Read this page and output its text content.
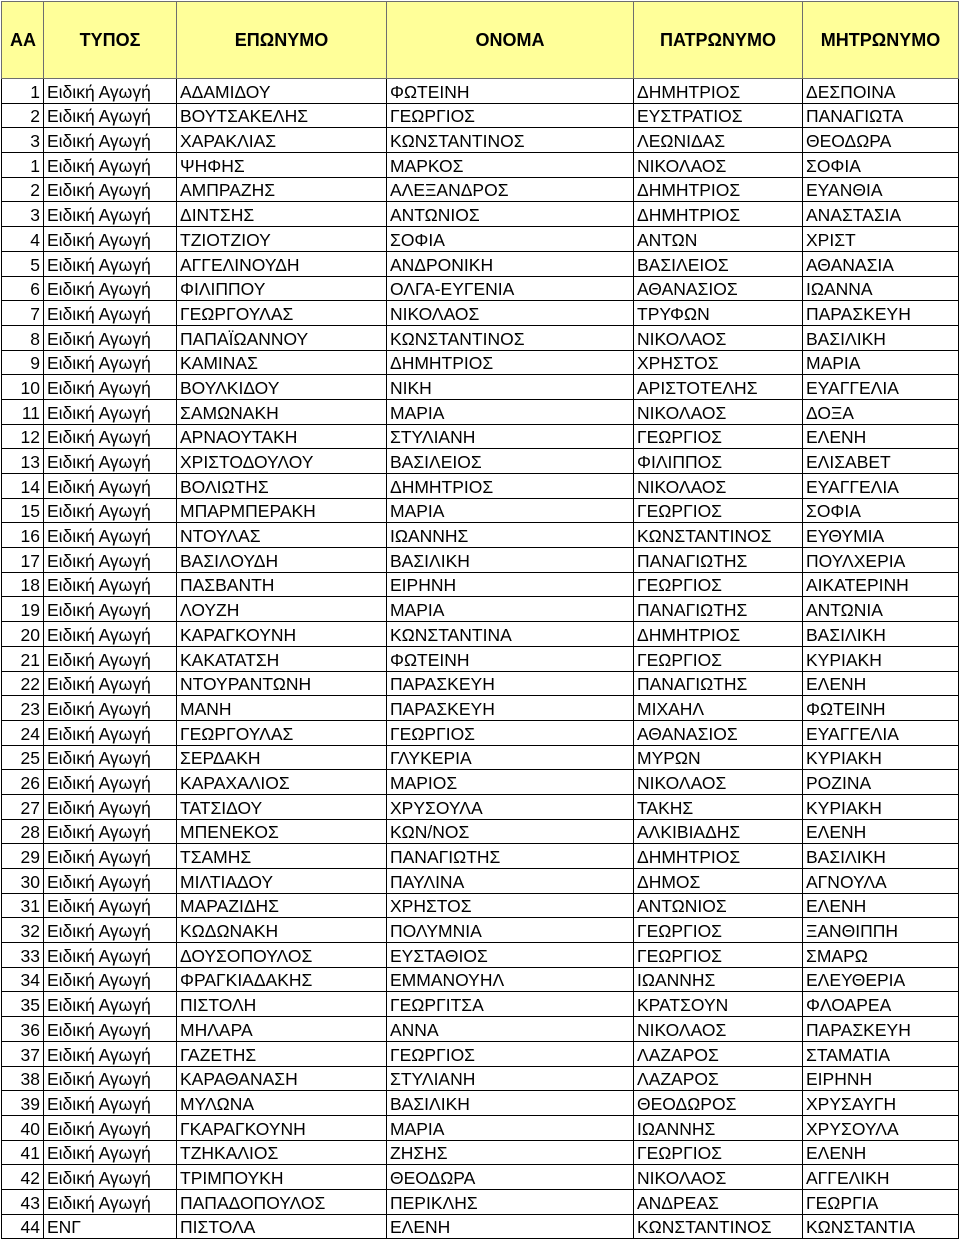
ΑΑ	ΤΥΠΟΣ	ΕΠΩΝΥΜΟ	ΟΝΟΜΑ	ΠΑΤΡΩΝΥΜΟ	ΜΗΤΡΩΝΥΜΟ
1	Ειδική Αγωγή	ΑΔΑΜΙΔΟΥ	ΦΩΤΕΙΝΗ	ΔΗΜΗΤΡΙΟΣ	ΔΕΣΠΟΙΝΑ
2	Ειδική Αγωγή	ΒΟΥΤΣΑΚΕΛΗΣ	ΓΕΩΡΓΙΟΣ	ΕΥΣΤΡΑΤΙΟΣ	ΠΑΝΑΓΙΩΤΑ
3	Ειδική Αγωγή	ΧΑΡΑΚΛΙΑΣ	ΚΩΝΣΤΑΝΤΙΝΟΣ	ΛΕΩΝΙΔΑΣ	ΘΕΟΔΩΡΑ
1	Ειδική Αγωγή	ΨΗΦΗΣ	ΜΑΡΚΟΣ	ΝΙΚΟΛΑΟΣ	ΣΟΦΙΑ
2	Ειδική Αγωγή	ΑΜΠΡΑΖΗΣ	ΑΛΕΞΑΝΔΡΟΣ	ΔΗΜΗΤΡΙΟΣ	ΕΥΑΝΘΙΑ
3	Ειδική Αγωγή	ΔΙΝΤΣΗΣ	ΑΝΤΩΝΙΟΣ	ΔΗΜΗΤΡΙΟΣ	ΑΝΑΣΤΑΣΙΑ
4	Ειδική Αγωγή	ΤΖΙΟΤΖΙΟΥ	ΣΟΦΙΑ	ΑΝΤΩΝ	ΧΡΙΣΤ
5	Ειδική Αγωγή	ΑΓΓΕΛΙΝΟΥΔΗ	ΑΝΔΡΟΝΙΚΗ	ΒΑΣΙΛΕΙΟΣ	ΑΘΑΝΑΣΙΑ
6	Ειδική Αγωγή	ΦΙΛΙΠΠΟΥ	ΟΛΓΑ-ΕΥΓΕΝΙΑ	ΑΘΑΝΑΣΙΟΣ	ΙΩΑΝΝΑ
7	Ειδική Αγωγή	ΓΕΩΡΓΟΥΛΑΣ	ΝΙΚΟΛΑΟΣ	ΤΡΥΦΩΝ	ΠΑΡΑΣΚΕΥΗ
8	Ειδική Αγωγή	ΠΑΠΑΪΩΑΝΝΟΥ	ΚΩΝΣΤΑΝΤΙΝΟΣ	ΝΙΚΟΛΑΟΣ	ΒΑΣΙΛΙΚΗ
9	Ειδική Αγωγή	ΚΑΜΙΝΑΣ	ΔΗΜΗΤΡΙΟΣ	ΧΡΗΣΤΟΣ	ΜΑΡΙΑ
10	Ειδική Αγωγή	ΒΟΥΛΚΙΔΟΥ	ΝΙΚΗ	ΑΡΙΣΤΟΤΕΛΗΣ	ΕΥΑΓΓΕΛΙΑ
11	Ειδική Αγωγή	ΣΑΜΩΝΑΚΗ	ΜΑΡΙΑ	ΝΙΚΟΛΑΟΣ	ΔΟΞΑ
12	Ειδική Αγωγή	ΑΡΝΑΟΥΤΑΚΗ	ΣΤΥΛΙΑΝΗ	ΓΕΩΡΓΙΟΣ	ΕΛΕΝΗ
13	Ειδική Αγωγή	ΧΡΙΣΤΟΔΟΥΛΟΥ	ΒΑΣΙΛΕΙΟΣ	ΦΙΛΙΠΠΟΣ	ΕΛΙΣΑΒΕΤ
14	Ειδική Αγωγή	ΒΟΛΙΩΤΗΣ	ΔΗΜΗΤΡΙΟΣ	ΝΙΚΟΛΑΟΣ	ΕΥΑΓΓΕΛΙΑ
15	Ειδική Αγωγή	ΜΠΑΡΜΠΕΡΑΚΗ	ΜΑΡΙΑ	ΓΕΩΡΓΙΟΣ	ΣΟΦΙΑ
16	Ειδική Αγωγή	ΝΤΟΥΛΑΣ	ΙΩΑΝΝΗΣ	ΚΩΝΣΤΑΝΤΙΝΟΣ	ΕΥΘΥΜΙΑ
17	Ειδική Αγωγή	ΒΑΣΙΛΟΥΔΗ	ΒΑΣΙΛΙΚΗ	ΠΑΝΑΓΙΩΤΗΣ	ΠΟΥΛΧΕΡΙΑ
18	Ειδική Αγωγή	ΠΑΣΒΑΝΤΗ	ΕΙΡΗΝΗ	ΓΕΩΡΓΙΟΣ	ΑΙΚΑΤΕΡΙΝΗ
19	Ειδική Αγωγή	ΛΟΥΖΗ	ΜΑΡΙΑ	ΠΑΝΑΓΙΩΤΗΣ	ΑΝΤΩΝΙΑ
20	Ειδική Αγωγή	ΚΑΡΑΓΚΟΥΝΗ	ΚΩΝΣΤΑΝΤΙΝΑ	ΔΗΜΗΤΡΙΟΣ	ΒΑΣΙΛΙΚΗ
21	Ειδική Αγωγή	ΚΑΚΑΤΑΤΣΗ	ΦΩΤΕΙΝΗ	ΓΕΩΡΓΙΟΣ	ΚΥΡΙΑΚΗ
22	Ειδική Αγωγή	ΝΤΟΥΡΑΝΤΩΝΗ	ΠΑΡΑΣΚΕΥΗ	ΠΑΝΑΓΙΩΤΗΣ	ΕΛΕΝΗ
23	Ειδική Αγωγή	ΜΑΝΗ	ΠΑΡΑΣΚΕΥΗ	ΜΙΧΑΗΛ	ΦΩΤΕΙΝΗ
24	Ειδική Αγωγή	ΓΕΩΡΓΟΥΛΑΣ	ΓΕΩΡΓΙΟΣ	ΑΘΑΝΑΣΙΟΣ	ΕΥΑΓΓΕΛΙΑ
25	Ειδική Αγωγή	ΣΕΡΔΑΚΗ	ΓΛΥΚΕΡΙΑ	ΜΥΡΩΝ	ΚΥΡΙΑΚΗ
26	Ειδική Αγωγή	ΚΑΡΑΧΑΛΙΟΣ	ΜΑΡΙΟΣ	ΝΙΚΟΛΑΟΣ	ΡΟΖΙΝΑ
27	Ειδική Αγωγή	ΤΑΤΣΙΔΟΥ	ΧΡΥΣΟΥΛΑ	ΤΑΚΗΣ	ΚΥΡΙΑΚΗ
28	Ειδική Αγωγή	ΜΠΕΝΕΚΟΣ	ΚΩΝ/ΝΟΣ	ΑΛΚΙΒΙΑΔΗΣ	ΕΛΕΝΗ
29	Ειδική Αγωγή	ΤΣΑΜΗΣ	ΠΑΝΑΓΙΩΤΗΣ	ΔΗΜΗΤΡΙΟΣ	ΒΑΣΙΛΙΚΗ
30	Ειδική Αγωγή	ΜΙΛΤΙΑΔΟΥ	ΠΑΥΛΙΝΑ	ΔΗΜΟΣ	ΑΓΝΟΥΛΑ
31	Ειδική Αγωγή	ΜΑΡΑΖΙΔΗΣ	ΧΡΗΣΤΟΣ	ΑΝΤΩΝΙΟΣ	ΕΛΕΝΗ
32	Ειδική Αγωγή	ΚΩΔΩΝΑΚΗ	ΠΟΛΥΜΝΙΑ	ΓΕΩΡΓΙΟΣ	ΞΑΝΘΙΠΠΗ
33	Ειδική Αγωγή	ΔΟΥΣΟΠΟΥΛΟΣ	ΕΥΣΤΑΘΙΟΣ	ΓΕΩΡΓΙΟΣ	ΣΜΑΡΩ
34	Ειδική Αγωγή	ΦΡΑΓΚΙΑΔΑΚΗΣ	ΕΜΜΑΝΟΥΗΛ	ΙΩΑΝΝΗΣ	ΕΛΕΥΘΕΡΙΑ
35	Ειδική Αγωγή	ΠΙΣΤΟΛΗ	ΓΕΩΡΓΙΤΣΑ	ΚΡΑΤΣΟΥΝ	ΦΛΟΑΡΕΑ
36	Ειδική Αγωγή	ΜΗΛΑΡΑ	ΑΝΝΑ	ΝΙΚΟΛΑΟΣ	ΠΑΡΑΣΚΕΥΗ
37	Ειδική Αγωγή	ΓΑΖΕΤΗΣ	ΓΕΩΡΓΙΟΣ	ΛΑΖΑΡΟΣ	ΣΤΑΜΑΤΙΑ
38	Ειδική Αγωγή	ΚΑΡΑΘΑΝΑΣΗ	ΣΤΥΛΙΑΝΗ	ΛΑΖΑΡΟΣ	ΕΙΡΗΝΗ
39	Ειδική Αγωγή	ΜΥΛΩΝΑ	ΒΑΣΙΛΙΚΗ	ΘΕΟΔΩΡΟΣ	ΧΡΥΣΑΥΓΗ
40	Ειδική Αγωγή	ΓΚΑΡΑΓΚΟΥΝΗ	ΜΑΡΙΑ	ΙΩΑΝΝΗΣ	ΧΡΥΣΟΥΛΑ
41	Ειδική Αγωγή	ΤΖΗΚΑΛΙΟΣ	ΖΗΣΗΣ	ΓΕΩΡΓΙΟΣ	ΕΛΕΝΗ
42	Ειδική Αγωγή	ΤΡΙΜΠΟΥΚΗ	ΘΕΟΔΩΡΑ	ΝΙΚΟΛΑΟΣ	ΑΓΓΕΛΙΚΗ
43	Ειδική Αγωγή	ΠΑΠΑΔΟΠΟΥΛΟΣ	ΠΕΡΙΚΛΗΣ	ΑΝΔΡΕΑΣ	ΓΕΩΡΓΙΑ
44	ΕΝΓ	ΠΙΣΤΟΛΑ	ΕΛΕΝΗ	ΚΩΝΣΤΑΝΤΙΝΟΣ	ΚΩΝΣΤΑΝΤΙΑ
